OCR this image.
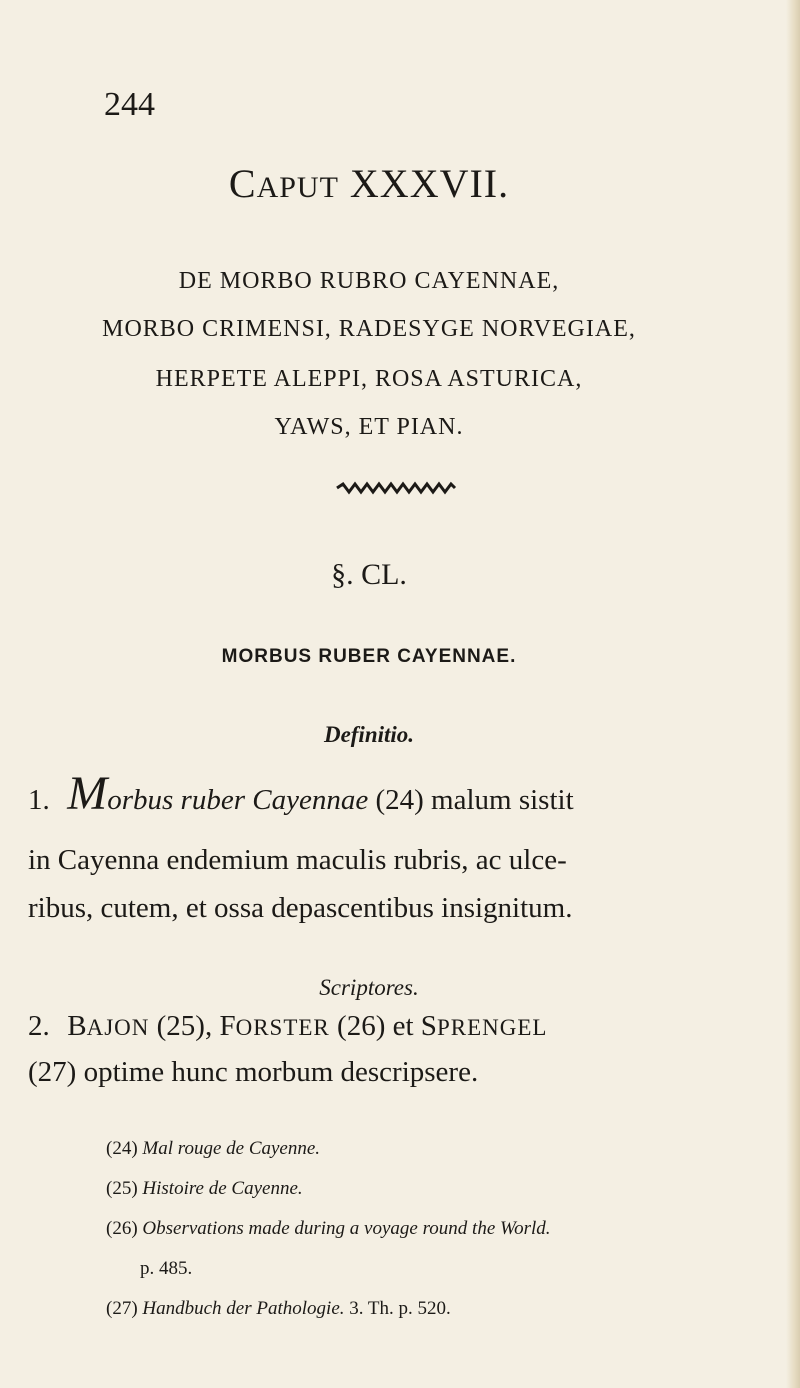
244
CAPUT XXXVII.
DE MORBO RUBRO CAYENNAE,
MORBO CRIMENSI, RADESYGE NORVEGIAE,
HERPETE ALEPPI, ROSA ASTURICA,
YAWS, ET PIAN.
§. CL.
MORBUS RUBER CAYENNAE.
Definitio.
1. Morbus ruber Cayennae (24) malum sistit
in Cayenna endemium maculis rubris, ac ulce-
ribus, cutem, et ossa depascentibus insignitum.
Scriptores.
2. BAJON (25), FORSTER (26) et SPRENGEL
(27) optime hunc morbum descripsere.
(24) Mal rouge de Cayenne.
(25) Histoire de Cayenne.
(26) Observations made during a voyage round the World.
p. 485.
(27) Handbuch der Pathologie. 3. Th. p. 520.
